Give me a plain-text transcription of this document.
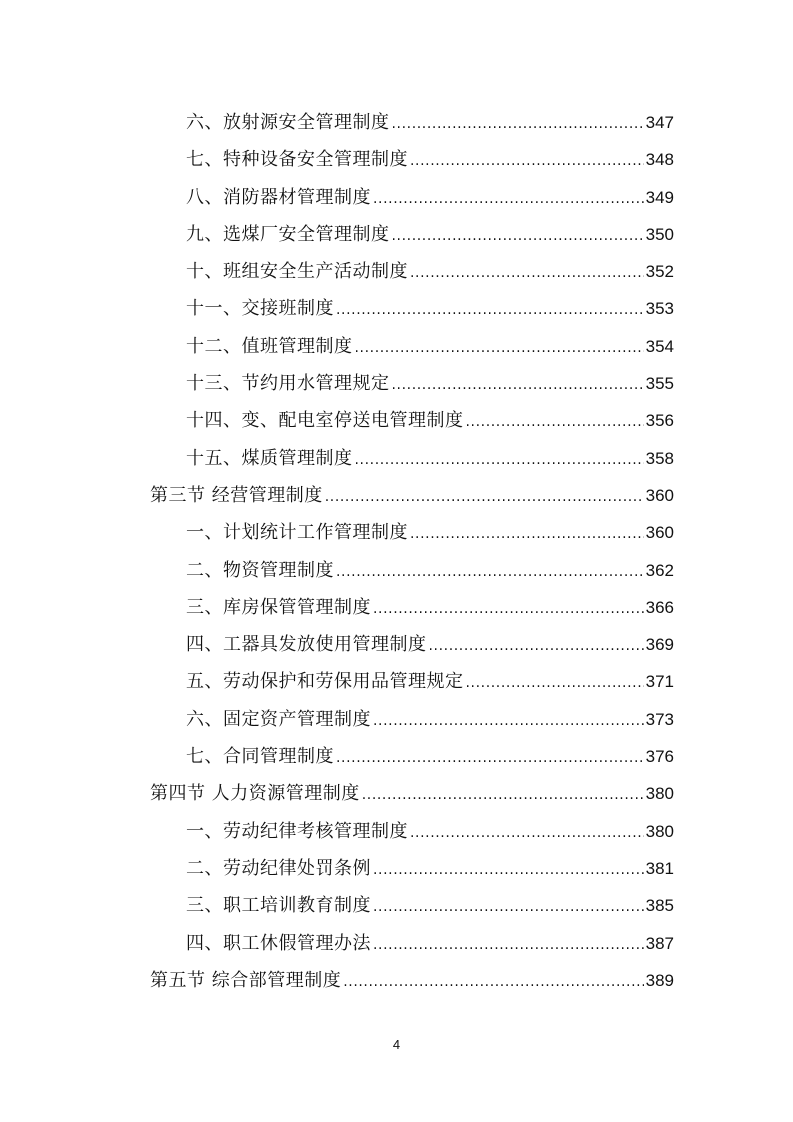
六、放射源安全管理制度 .....	347
七、特种设备安全管理制度 .....	348
八、消防器材管理制度 .....	349
九、选煤厂安全管理制度 .....	350
十、班组安全生产活动制度 .....	352
十一、交接班制度 .....	353
十二、值班管理制度 .....	354
十三、节约用水管理规定 .....	355
十四、变、配电室停送电管理制度 .....	356
十五、煤质管理制度 .....	358
第三节 经营管理制度 .....	360
一、计划统计工作管理制度 .....	360
二、物资管理制度 .....	362
三、库房保管管理制度 .....	366
四、工器具发放使用管理制度 .....	369
五、劳动保护和劳保用品管理规定 .....	371
六、固定资产管理制度 .....	373
七、合同管理制度 .....	376
第四节 人力资源管理制度 .....	380
一、劳动纪律考核管理制度 .....	380
二、劳动纪律处罚条例 .....	381
三、职工培训教育制度 .....	385
四、职工休假管理办法 .....	387
第五节 综合部管理制度 .....	389
4
